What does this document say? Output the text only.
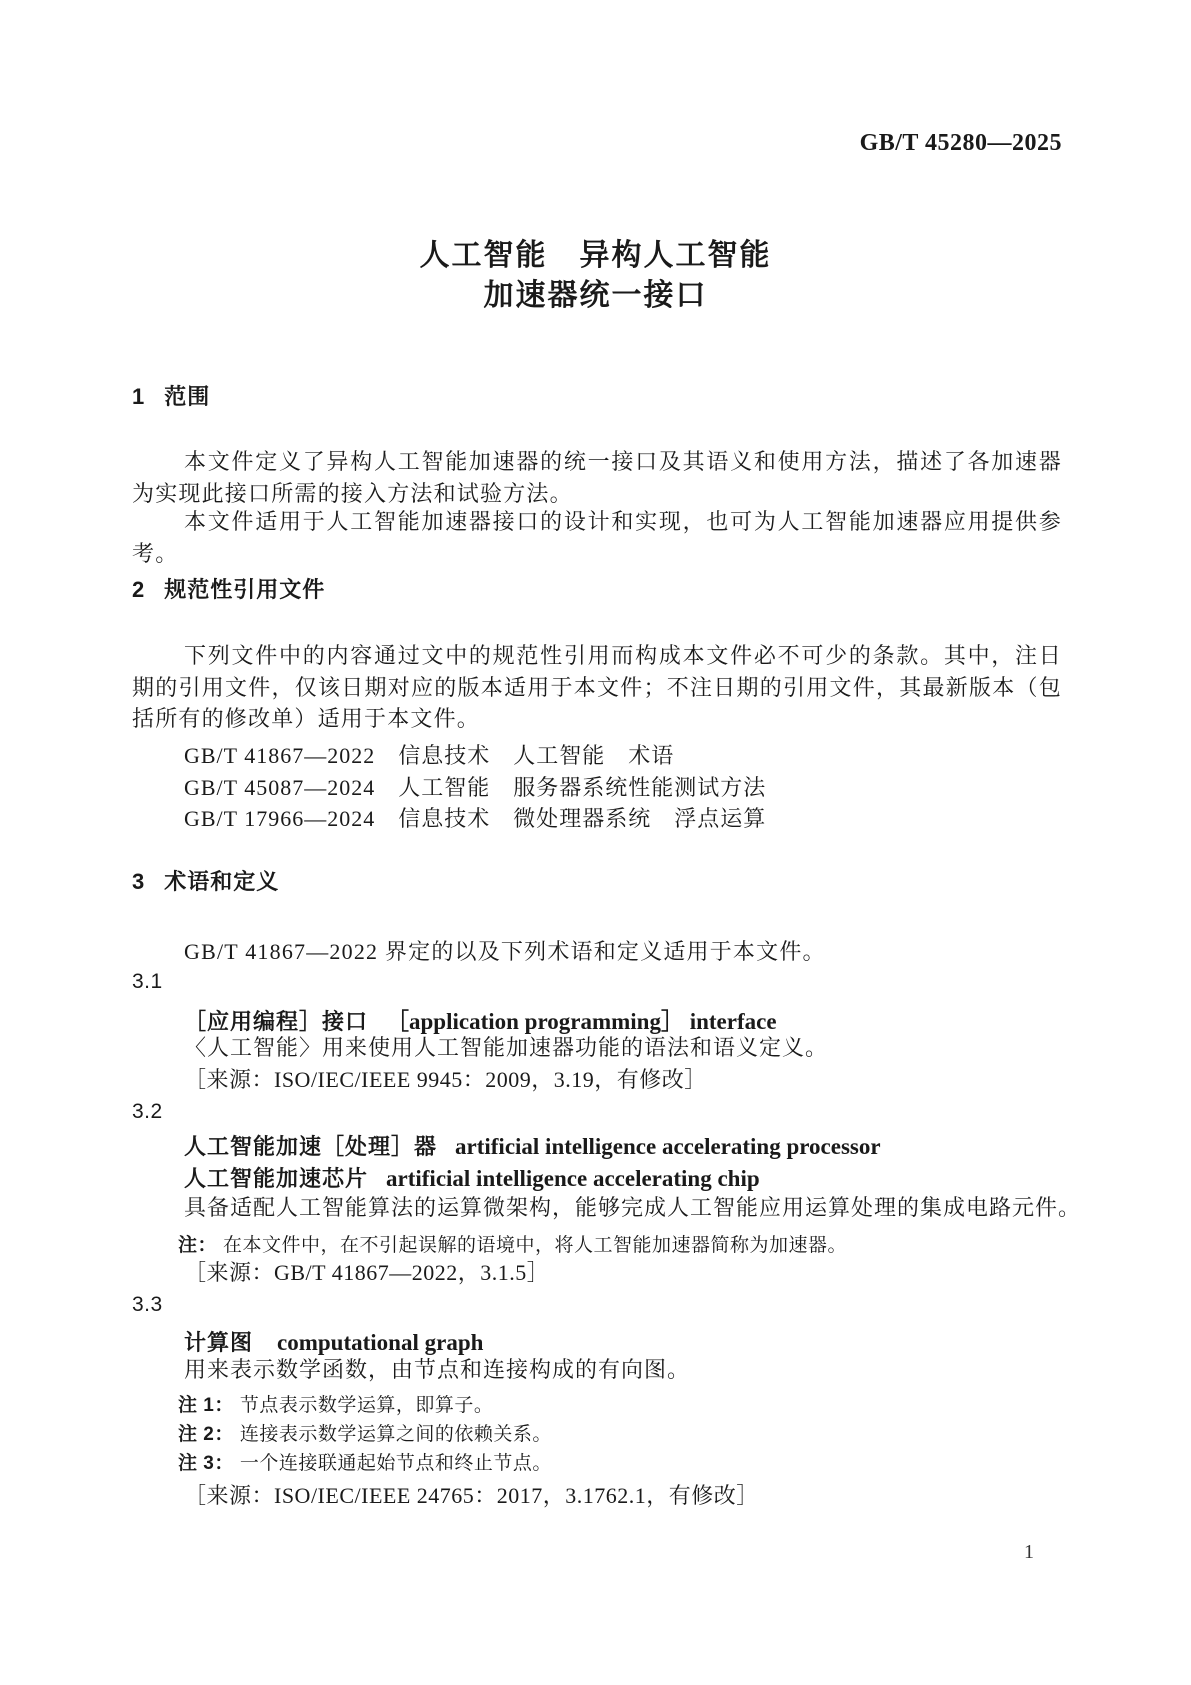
GB/T 45280—2025
人工智能　异构人工智能
加速器统一接口
1 范围
本文件定义了异构人工智能加速器的统一接口及其语义和使用方法，描述了各加速器为实现此接口所需的接入方法和试验方法。
本文件适用于人工智能加速器接口的设计和实现，也可为人工智能加速器应用提供参考。
2 规范性引用文件
下列文件中的内容通过文中的规范性引用而构成本文件必不可少的条款。其中，注日期的引用文件，仅该日期对应的版本适用于本文件；不注日期的引用文件，其最新版本（包括所有的修改单）适用于本文件。
GB/T 41867—2022　信息技术　人工智能　术语
GB/T 45087—2024　人工智能　服务器系统性能测试方法
GB/T 17966—2024　信息技术　微处理器系统　浮点运算
3 术语和定义
GB/T 41867—2022 界定的以及下列术语和定义适用于本文件。
3.1
［应用编程］接口 ［application programming］ interface
〈人工智能〉用来使用人工智能加速器功能的语法和语义定义。
［来源：ISO/IEC/IEEE 9945：2009，3.19，有修改］
3.2
人工智能加速［处理］器 artificial intelligence accelerating processor
人工智能加速芯片 artificial intelligence accelerating chip
具备适配人工智能算法的运算微架构，能够完成人工智能应用运算处理的集成电路元件。
注： 在本文件中，在不引起误解的语境中，将人工智能加速器简称为加速器。
［来源：GB/T 41867—2022，3.1.5］
3.3
计算图 computational graph
用来表示数学函数，由节点和连接构成的有向图。
注 1： 节点表示数学运算，即算子。
注 2： 连接表示数学运算之间的依赖关系。
注 3： 一个连接联通起始节点和终止节点。
［来源：ISO/IEC/IEEE 24765：2017，3.1762.1，有修改］
1
